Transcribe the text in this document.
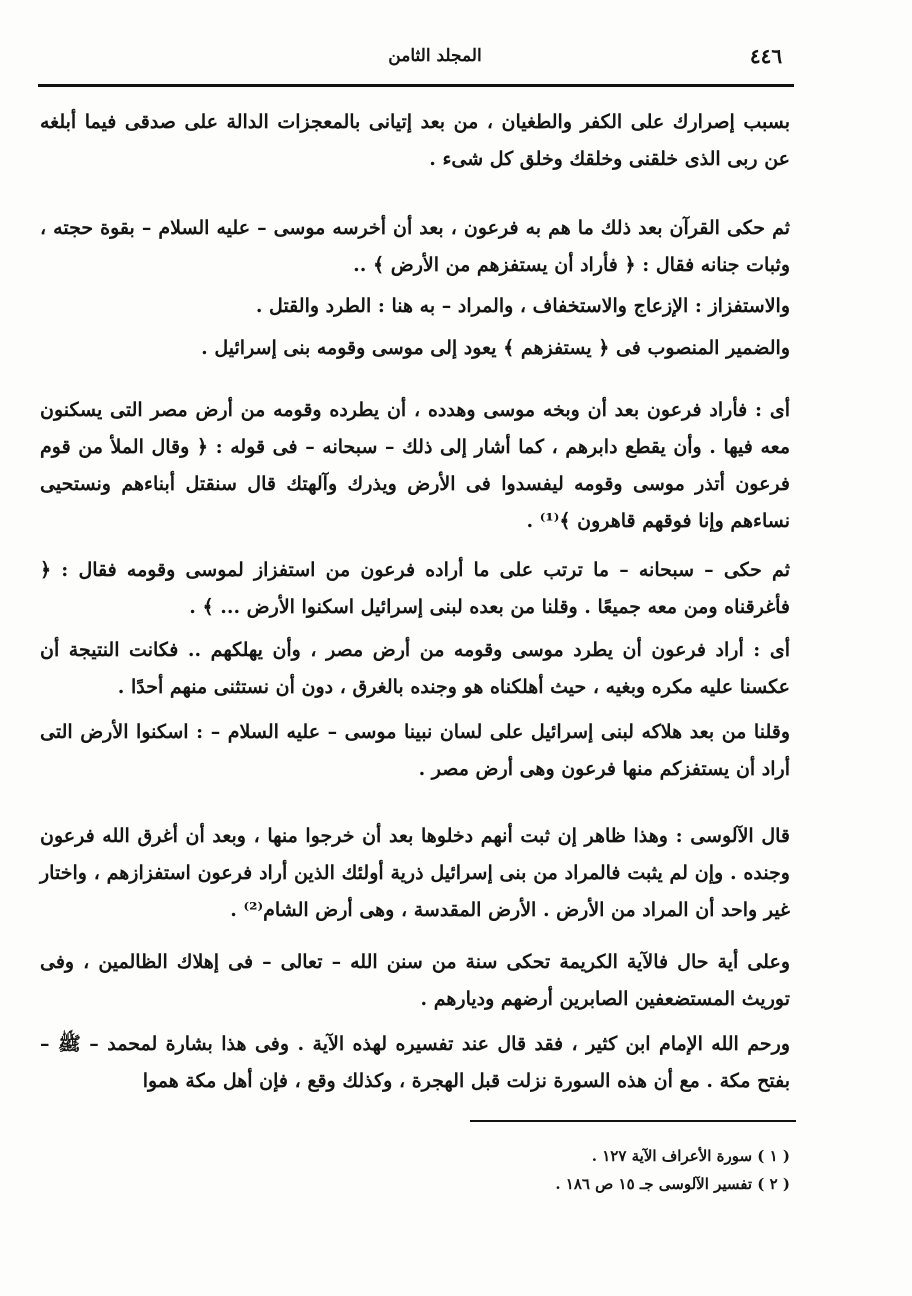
٤٤٦
المجلد الثامن
بسبب إصرارك على الكفر والطغيان ، من بعد إتيانى بالمعجزات الدالة على صدقى فيما أبلغه عن ربى الذى خلقنى وخلقك وخلق كل شىء .
ثم حكى القرآن بعد ذلك ما هم به فرعون ، بعد أن أخرسه موسى – عليه السلام – بقوة حجته ، وثبات جنانه فقال : ﴿ فأراد أن يستفزهم من الأرض ﴾ ..
والاستفزاز : الإزعاج والاستخفاف ، والمراد – به هنا : الطرد والقتل .
والضمير المنصوب فى ﴿ يستفزهم ﴾ يعود إلى موسى وقومه بنى إسرائيل .
أى : فأراد فرعون بعد أن وبخه موسى وهدده ، أن يطرده وقومه من أرض مصر التى يسكنون معه فيها . وأن يقطع دابرهم ، كما أشار إلى ذلك – سبحانه – فى قوله : ﴿ وقال الملأ من قوم فرعون أتذر موسى وقومه ليفسدوا فى الأرض ويذرك وآلهتك قال سنقتل أبناءهم ونستحيى نساءهم وإنا فوقهم قاهرون ﴾⁽¹⁾ .
ثم حكى – سبحانه – ما ترتب على ما أراده فرعون من استفزاز لموسى وقومه فقال : ﴿ فأغرقناه ومن معه جميعًا . وقلنا من بعده لبنى إسرائيل اسكنوا الأرض ... ﴾ .
أى : أراد فرعون أن يطرد موسى وقومه من أرض مصر ، وأن يهلكهم .. فكانت النتيجة أن عكسنا عليه مكره وبغيه ، حيث أهلكناه هو وجنده بالغرق ، دون أن نستثنى منهم أحدًا .
وقلنا من بعد هلاكه لبنى إسرائيل على لسان نبينا موسى – عليه السلام – : اسكنوا الأرض التى أراد أن يستفزكم منها فرعون وهى أرض مصر .
قال الآلوسى : وهذا ظاهر إن ثبت أنهم دخلوها بعد أن خرجوا منها ، وبعد أن أغرق الله فرعون وجنده . وإن لم يثبت فالمراد من بنى إسرائيل ذرية أولئك الذين أراد فرعون استفزازهم ، واختار غير واحد أن المراد من الأرض . الأرض المقدسة ، وهى أرض الشام⁽²⁾ .
وعلى أية حال فالآية الكريمة تحكى سنة من سنن الله – تعالى – فى إهلاك الظالمين ، وفى توريث المستضعفين الصابرين أرضهم وديارهم .
ورحم الله الإمام ابن كثير ، فقد قال عند تفسيره لهذه الآية . وفى هذا بشارة لمحمد – ﷺ – بفتح مكة . مع أن هذه السورة نزلت قبل الهجرة ، وكذلك وقع ، فإن أهل مكة هموا
( ١ ) سورة الأعراف الآية ١٢٧ .
( ٢ ) تفسير الآلوسى جـ ١٥ ص ١٨٦ .
